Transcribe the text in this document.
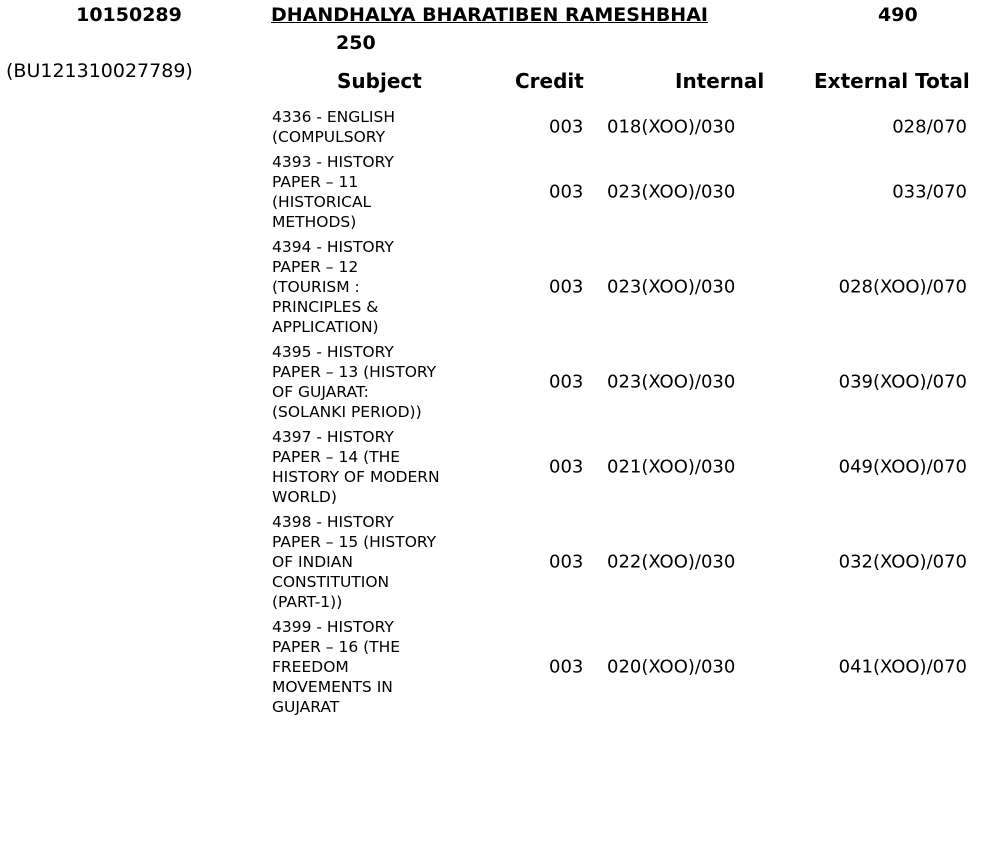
10150289
(BU121310027789)
DHANDHALYA BHARATIBEN RAMESHBHAI	490
250
Subject	Credit	Internal External Total
4336 - ENGLISH
(COMPULSORY	003 018(XOO)/030	028/070
4393 - HISTORY
PAPER – 11
(HISTORICAL
METHODS)
003 023(XOO)/030	033/070
4394 - HISTORY
PAPER – 12
(TOURISM :
PRINCIPLES &
APPLICATION)
003 023(XOO)/030	028(XOO)/070
4395 - HISTORY
PAPER – 13 (HISTORY
OF GUJARAT:
(SOLANKI PERIOD))
003 023(XOO)/030	039(XOO)/070
4397 - HISTORY
PAPER – 14 (THE
HISTORY OF MODERN
WORLD)
003 021(XOO)/030	049(XOO)/070
4398 - HISTORY
PAPER – 15 (HISTORY
OF INDIAN
CONSTITUTION
(PART-1))
003 022(XOO)/030	032(XOO)/070
4399 - HISTORY
PAPER – 16 (THE
FREEDOM
MOVEMENTS IN
GUJARAT
003 020(XOO)/030	041(XOO)/070
